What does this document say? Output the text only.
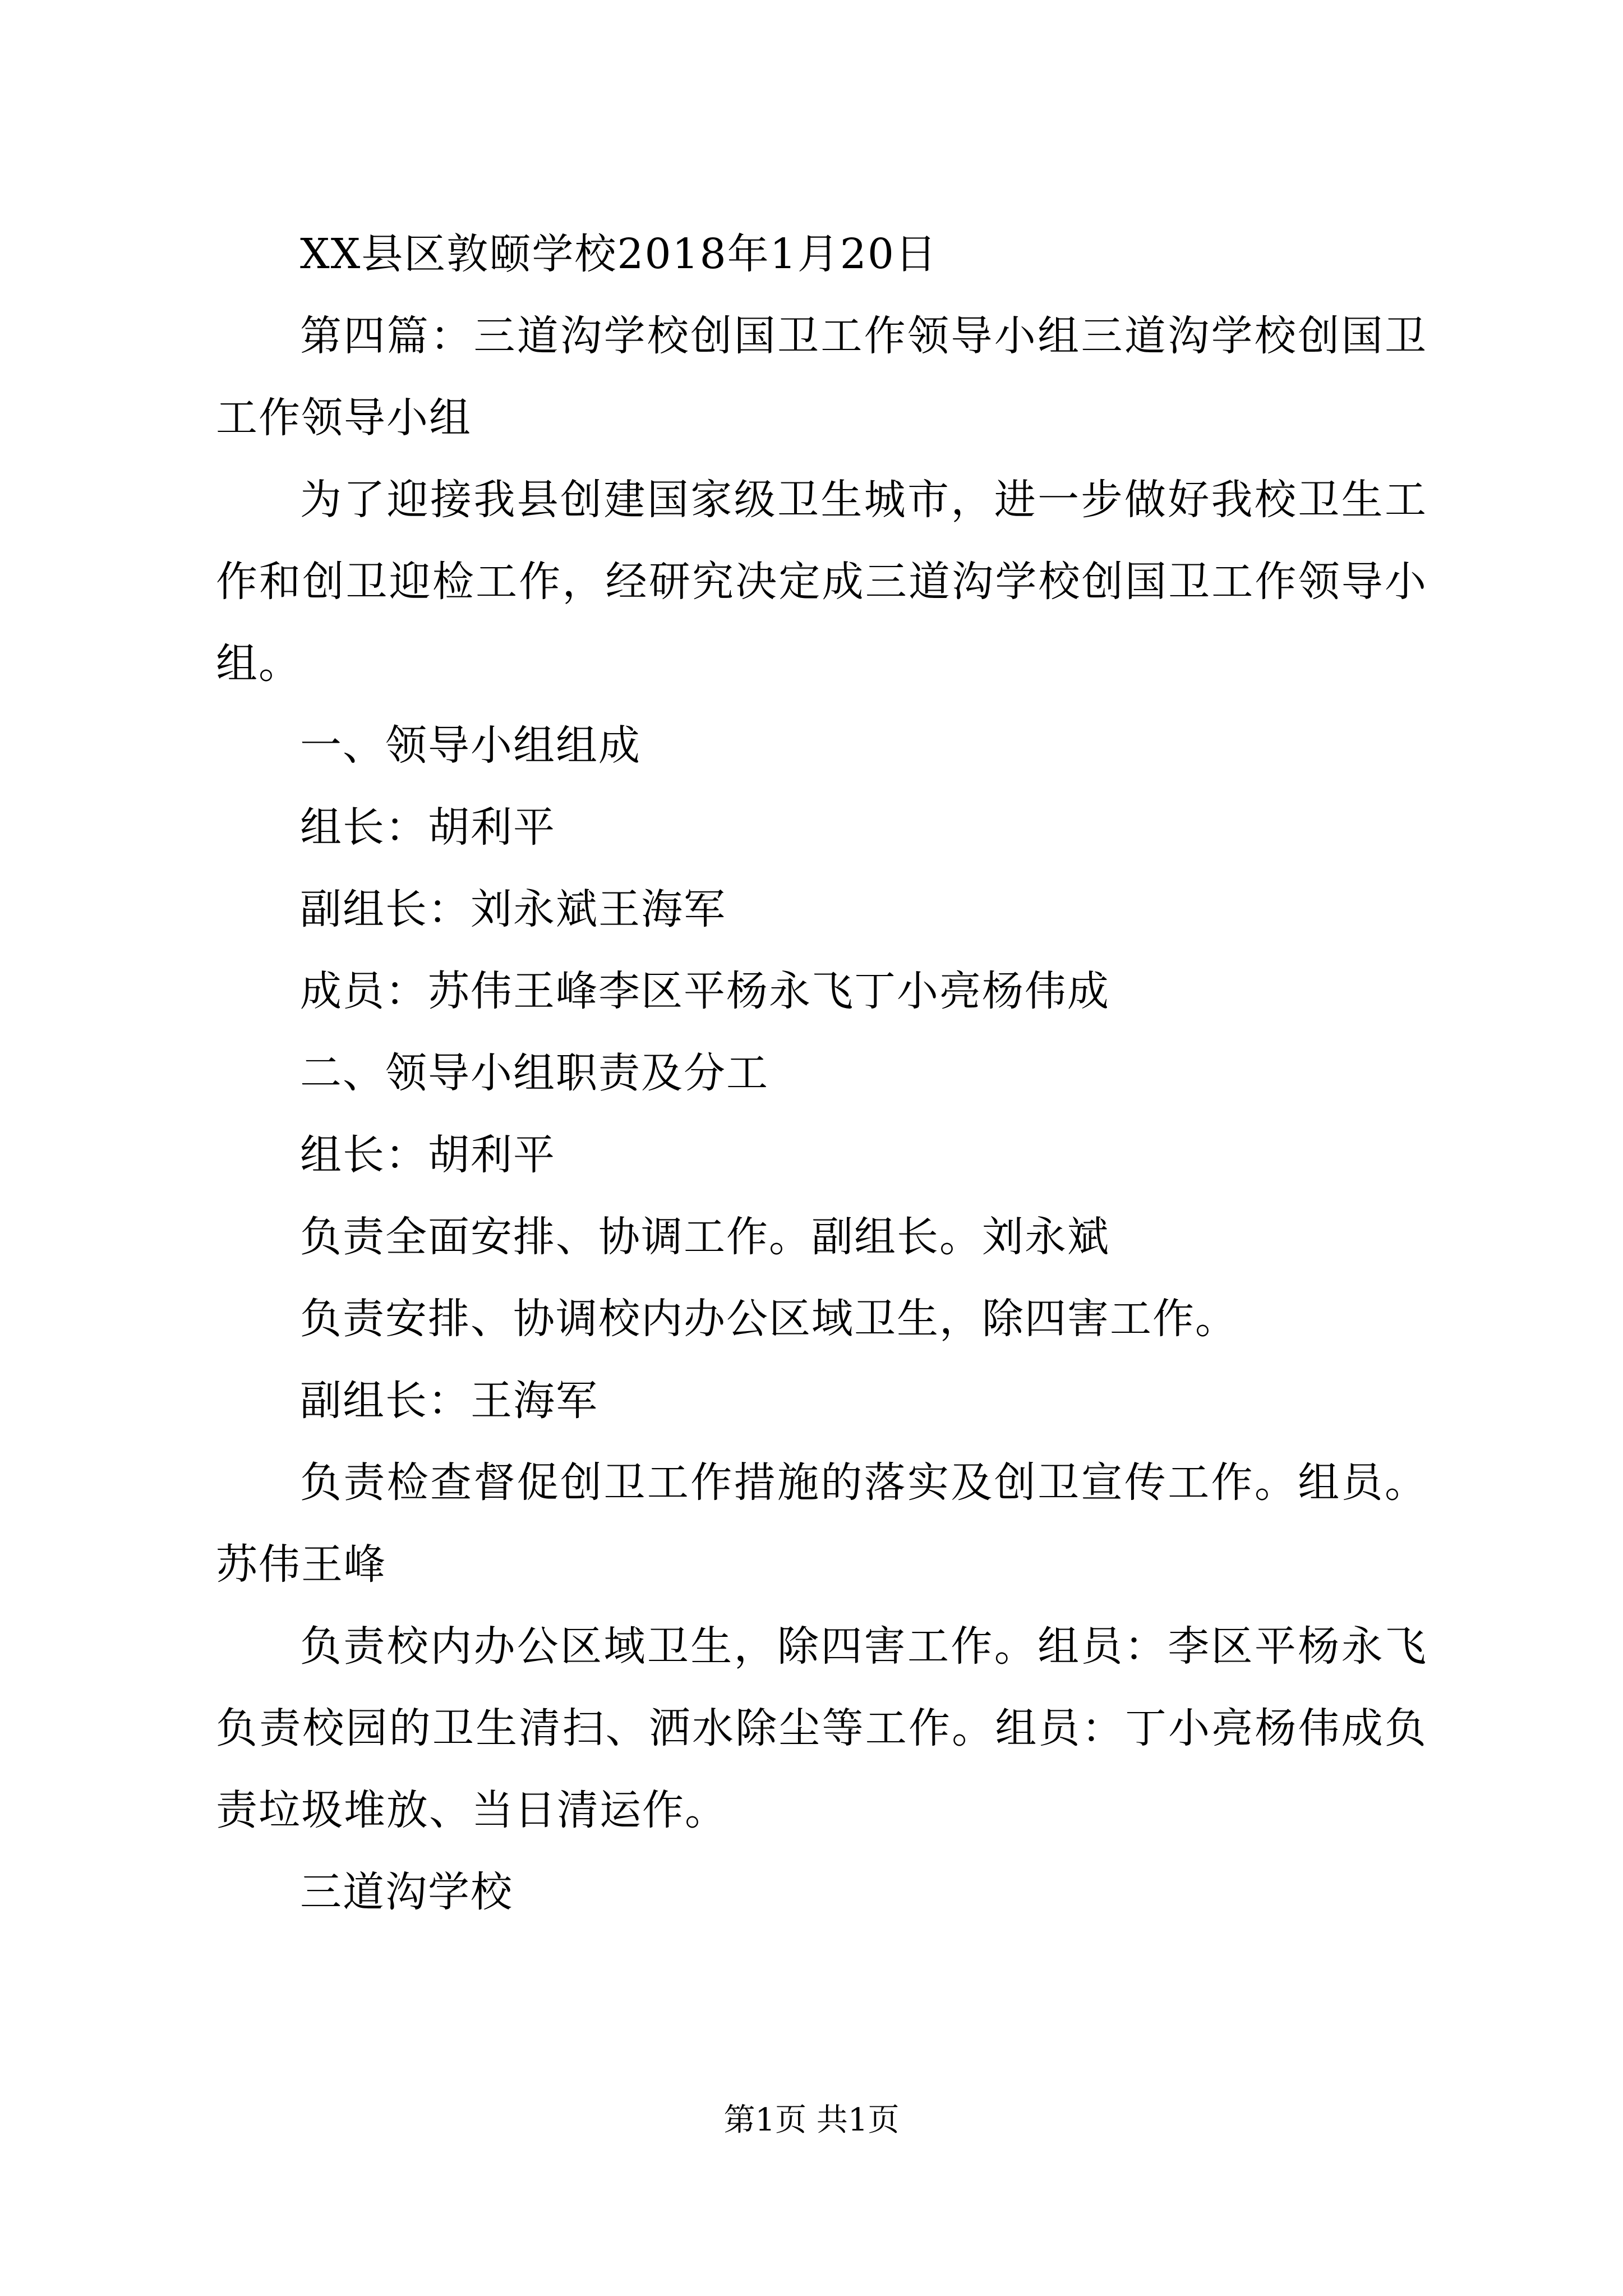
XX县区敦颐学校2018年1月20日

第四篇：三道沟学校创国卫工作领导小组三道沟学校创国卫工作领导小组

为了迎接我县创建国家级卫生城市，进一步做好我校卫生工作和创卫迎检工作，经研究决定成三道沟学校创国卫工作领导小组。

一、领导小组组成

组长：胡利平

副组长：刘永斌王海军

成员：苏伟王峰李区平杨永飞丁小亮杨伟成

二、领导小组职责及分工

组长：胡利平

负责全面安排、协调工作。副组长。刘永斌

负责安排、协调校内办公区域卫生，除四害工作。

副组长：王海军

负责检查督促创卫工作措施的落实及创卫宣传工作。组员。苏伟王峰

负责校内办公区域卫生，除四害工作。组员：李区平杨永飞负责校园的卫生清扫、洒水除尘等工作。组员：丁小亮杨伟成负责垃圾堆放、当日清运作。

三道沟学校

第1页 共1页
